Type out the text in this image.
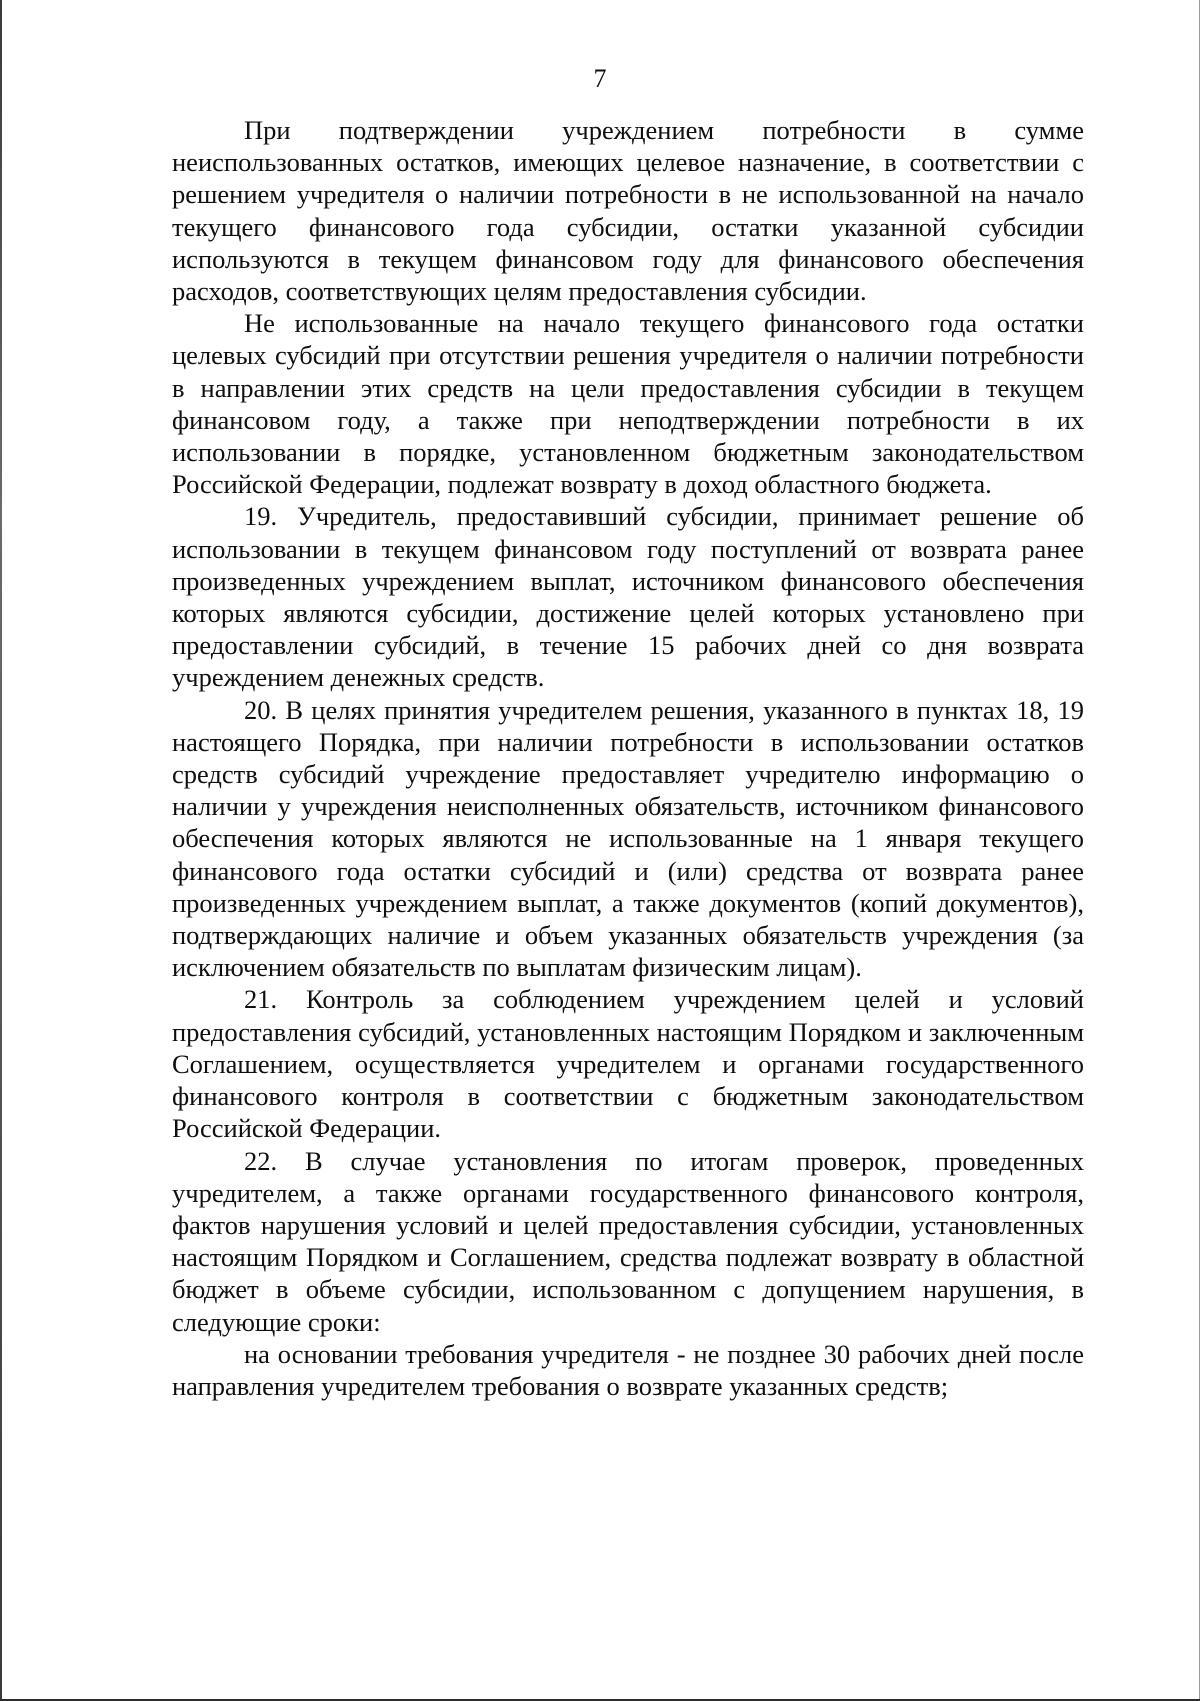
7

При подтверждении учреждением потребности в сумме неиспользованных остатков, имеющих целевое назначение, в соответствии с решением учредителя о наличии потребности в не использованной на начало текущего финансового года субсидии, остатки указанной субсидии используются в текущем финансовом году для финансового обеспечения расходов, соответствующих целям предоставления субсидии.

Не использованные на начало текущего финансового года остатки целевых субсидий при отсутствии решения учредителя о наличии потребности в направлении этих средств на цели предоставления субсидии в текущем финансовом году, а также при неподтверждении потребности в их использовании в порядке, установленном бюджетным законодательством Российской Федерации, подлежат возврату в доход областного бюджета.

19. Учредитель, предоставивший субсидии, принимает решение об использовании в текущем финансовом году поступлений от возврата ранее произведенных учреждением выплат, источником финансового обеспечения которых являются субсидии, достижение целей которых установлено при предоставлении субсидий, в течение 15 рабочих дней со дня возврата учреждением денежных средств.

20. В целях принятия учредителем решения, указанного в пунктах 18, 19 настоящего Порядка, при наличии потребности в использовании остатков средств субсидий учреждение предоставляет учредителю информацию о наличии у учреждения неисполненных обязательств, источником финансового обеспечения которых являются не использованные на 1 января текущего финансового года остатки субсидий и (или) средства от возврата ранее произведенных учреждением выплат, а также документов (копий документов), подтверждающих наличие и объем указанных обязательств учреждения (за исключением обязательств по выплатам физическим лицам).

21. Контроль за соблюдением учреждением целей и условий предоставления субсидий, установленных настоящим Порядком и заключенным Соглашением, осуществляется учредителем и органами государственного финансового контроля в соответствии с бюджетным законодательством Российской Федерации.

22. В случае установления по итогам проверок, проведенных учредителем, а также органами государственного финансового контроля, фактов нарушения условий и целей предоставления субсидии, установленных настоящим Порядком и Соглашением, средства подлежат возврату в областной бюджет в объеме субсидии, использованном с допущением нарушения, в следующие сроки:

на основании требования учредителя - не позднее 30 рабочих дней после направления учредителем требования о возврате указанных средств;
